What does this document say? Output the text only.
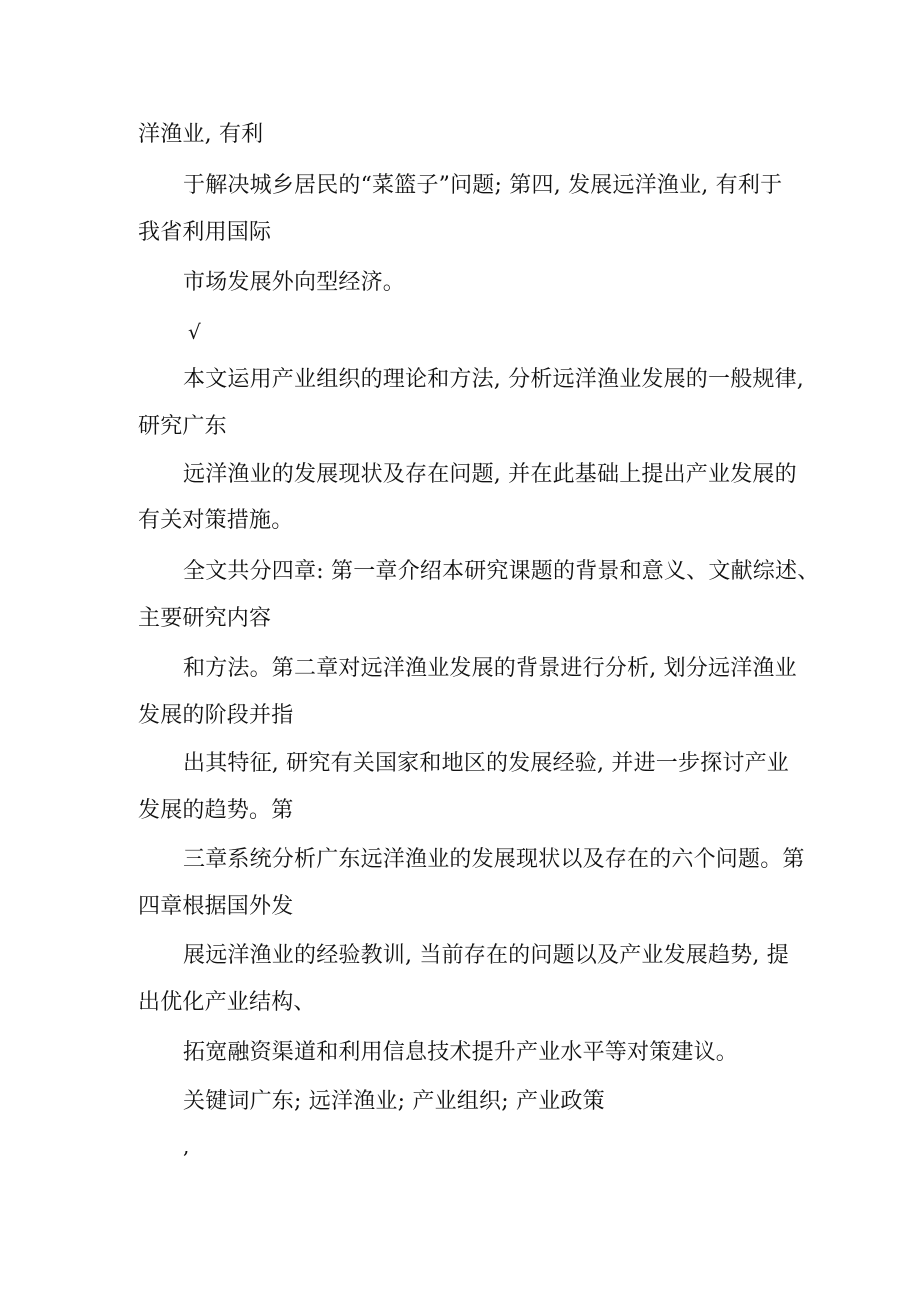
洋渔业, 有利
于解决城乡居民的“菜篮子”问题; 第四, 发展远洋渔业, 有利于
我省利用国际
市场发展外向型经济。
√
本文运用产业组织的理论和方法, 分析远洋渔业发展的一般规律,
研究广东
远洋渔业的发展现状及存在问题, 并在此基础上提出产业发展的
有关对策措施。
全文共分四章: 第一章介绍本研究课题的背景和意义、文献综述、
主要研究内容
和方法。第二章对远洋渔业发展的背景进行分析, 划分远洋渔业
发展的阶段并指
出其特征, 研究有关国家和地区的发展经验, 并进一步探讨产业
发展的趋势。第
三章系统分析广东远洋渔业的发展现状以及存在的六个问题。第
四章根据国外发
展远洋渔业的经验教训, 当前存在的问题以及产业发展趋势, 提
出优化产业结构、
拓宽融资渠道和利用信息技术提升产业水平等对策建议。
关键词广东; 远洋渔业; 产业组织; 产业政策
,
